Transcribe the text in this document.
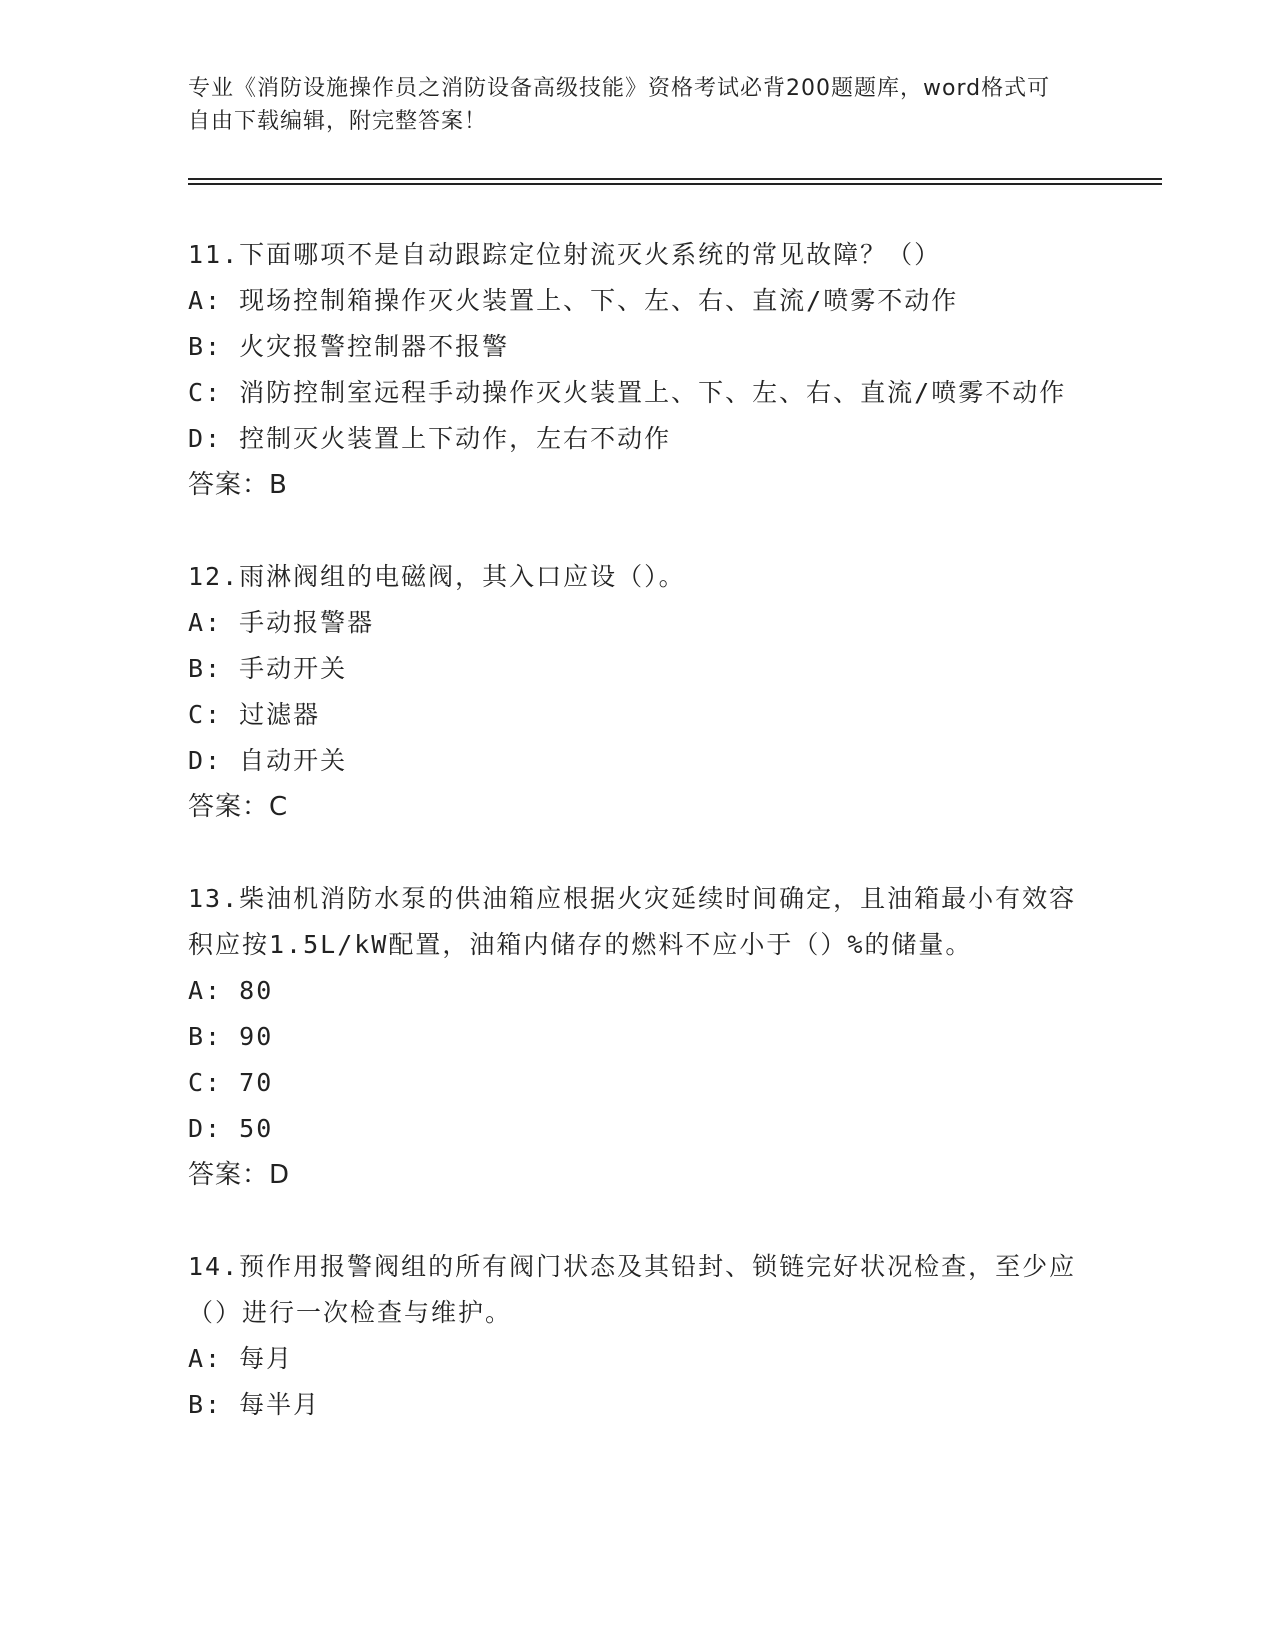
专业《消防设施操作员之消防设备高级技能》资格考试必背200题题库，word格式可自由下载编辑，附完整答案！

11.下面哪项不是自动跟踪定位射流灭火系统的常见故障？（）

A: 现场控制箱操作灭火装置上、下、左、右、直流/喷雾不动作

B: 火灾报警控制器不报警

C: 消防控制室远程手动操作灭火装置上、下、左、右、直流/喷雾不动作

D: 控制灭火装置上下动作，左右不动作

答案：B

12.雨淋阀组的电磁阀，其入口应设（）。

A: 手动报警器

B: 手动开关

C: 过滤器

D: 自动开关

答案：C

13.柴油机消防水泵的供油箱应根据火灾延续时间确定，且油箱最小有效容积应按1.5L/kW配置，油箱内储存的燃料不应小于（）%的储量。

A: 80

B: 90

C: 70

D: 50

答案：D

14.预作用报警阀组的所有阀门状态及其铅封、锁链完好状况检查，至少应（）进行一次检查与维护。

A: 每月

B: 每半月
